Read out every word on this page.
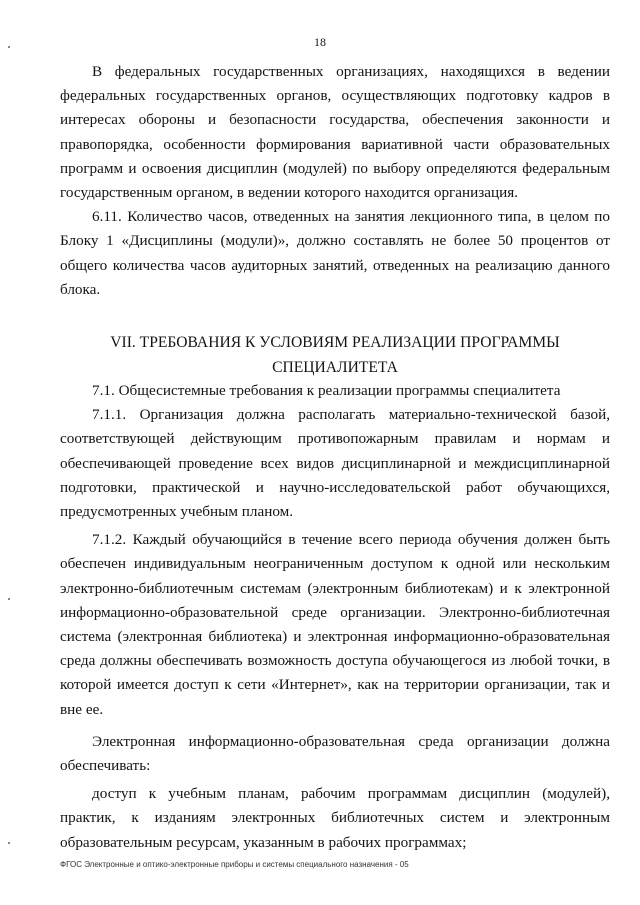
18

В федеральных государственных организациях, находящихся в ведении федеральных государственных органов, осуществляющих подготовку кадров в интересах обороны и безопасности государства, обеспечения законности и правопорядка, особенности формирования вариативной части образовательных программ и освоения дисциплин (модулей) по выбору определяются федеральным государственным органом, в ведении которого находится организация.

6.11. Количество часов, отведенных на занятия лекционного типа, в целом по Блоку 1 «Дисциплины (модули)», должно составлять не более 50 процентов от общего количества часов аудиторных занятий, отведенных на реализацию данного блока.

VII. ТРЕБОВАНИЯ К УСЛОВИЯМ РЕАЛИЗАЦИИ ПРОГРАММЫ
СПЕЦИАЛИТЕТА

7.1. Общесистемные требования к реализации программы специалитета

7.1.1. Организация должна располагать материально-технической базой, соответствующей действующим противопожарным правилам и нормам и обеспечивающей проведение всех видов дисциплинарной и междисциплинарной подготовки, практической и научно-исследовательской работ обучающихся, предусмотренных учебным планом.

7.1.2. Каждый обучающийся в течение всего периода обучения должен быть обеспечен индивидуальным неограниченным доступом к одной или нескольким электронно-библиотечным системам (электронным библиотекам) и к электронной информационно-образовательной среде организации. Электронно-библиотечная система (электронная библиотека) и электронная информационно-образовательная среда должны обеспечивать возможность доступа обучающегося из любой точки, в которой имеется доступ к сети «Интернет», как на территории организации, так и вне ее.

Электронная информационно-образовательная среда организации должна обеспечивать:

доступ к учебным планам, рабочим программам дисциплин (модулей), практик, к изданиям электронных библиотечных систем и электронным образовательным ресурсам, указанным в рабочих программах;

ФГОС Электронные и оптико-электронные приборы и системы специального назначения - 05
